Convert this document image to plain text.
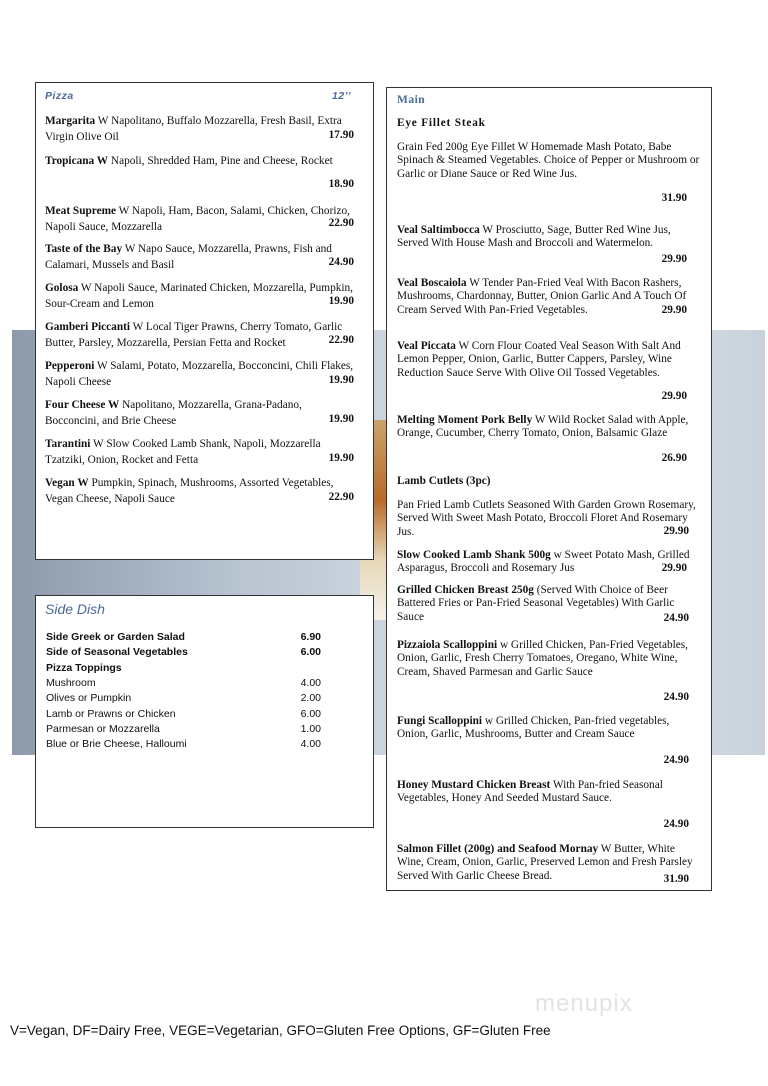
Pizza	12’’
Margarita W Napolitano, Buffalo Mozzarella, Fresh Basil, Extra Virgin Olive Oil	17.90
Tropicana W Napoli, Shredded Ham, Pine and Cheese, Rocket
18.90
Meat Supreme W Napoli, Ham, Bacon, Salami, Chicken, Chorizo, Napoli Sauce, Mozzarella	22.90
Taste of the Bay W Napo Sauce, Mozzarella, Prawns, Fish and Calamari, Mussels and Basil	24.90
Golosa W Napoli Sauce, Marinated Chicken, Mozzarella, Pumpkin, Sour-Cream and Lemon	19.90
Gamberi Piccanti W Local Tiger Prawns, Cherry Tomato, Garlic Butter, Parsley, Mozzarella, Persian Fetta and Rocket	22.90
Pepperoni W Salami, Potato, Mozzarella, Bocconcini, Chili Flakes, Napoli Cheese	19.90
Four Cheese W Napolitano, Mozzarella, Grana-Padano, Bocconcini, and Brie Cheese	19.90
Tarantini W Slow Cooked Lamb Shank, Napoli, Mozzarella Tzatziki, Onion, Rocket and Fetta	19.90
Vegan W Pumpkin, Spinach, Mushrooms, Assorted Vegetables, Vegan Cheese, Napoli Sauce	22.90
Side Dish
Side Greek or Garden Salad	6.90
Side of Seasonal Vegetables	6.00
Pizza Toppings
Mushroom	4.00
Olives or Pumpkin	2.00
Lamb or Prawns or Chicken	6.00
Parmesan or Mozzarella	1.00
Blue or Brie Cheese, Halloumi	4.00
Main
Eye Fillet Steak
Grain Fed 200g Eye Fillet W Homemade Mash Potato, Babe Spinach & Steamed Vegetables. Choice of Pepper or Mushroom or Garlic or Diane Sauce or Red Wine Jus.
31.90
Veal Saltimbocca W Prosciutto, Sage, Butter Red Wine Jus, Served With House Mash and Broccoli and Watermelon.
29.90
Veal Boscaiola W Tender Pan-Fried Veal With Bacon Rashers, Mushrooms, Chardonnay, Butter, Onion Garlic And A Touch Of Cream Served With Pan-Fried Vegetables.	29.90
Veal Piccata W Corn Flour Coated Veal Season With Salt And Lemon Pepper, Onion, Garlic, Butter Cappers, Parsley, Wine Reduction Sauce Serve With Olive Oil Tossed Vegetables.
29.90
Melting Moment Pork Belly W Wild Rocket Salad with Apple, Orange, Cucumber, Cherry Tomato, Onion, Balsamic Glaze
26.90
Lamb Cutlets (3pc)
Pan Fried Lamb Cutlets Seasoned With Garden Grown Rosemary, Served With Sweet Mash Potato, Broccoli Floret And Rosemary Jus.	29.90
Slow Cooked Lamb Shank 500g w Sweet Potato Mash, Grilled Asparagus, Broccoli and Rosemary Jus	29.90
Grilled Chicken Breast 250g (Served With Choice of Beer Battered Fries or Pan-Fried Seasonal Vegetables) With Garlic Sauce	24.90
Pizzaiola Scalloppini w Grilled Chicken, Pan-Fried Vegetables, Onion, Garlic, Fresh Cherry Tomatoes, Oregano, White Wine, Cream, Shaved Parmesan and Garlic Sauce
24.90
Fungi Scalloppini w Grilled Chicken, Pan-fried vegetables, Onion, Garlic, Mushrooms, Butter and Cream Sauce
24.90
Honey Mustard Chicken Breast With Pan-fried Seasonal Vegetables, Honey And Seeded Mustard Sauce.
24.90
Salmon Fillet (200g) and Seafood Mornay W Butter, White Wine, Cream, Onion, Garlic, Preserved Lemon and Fresh Parsley Served With Garlic Cheese Bread.	31.90
V=Vegan, DF=Dairy Free, VEGE=Vegetarian, GFO=Gluten Free Options, GF=Gluten Free
menupix
